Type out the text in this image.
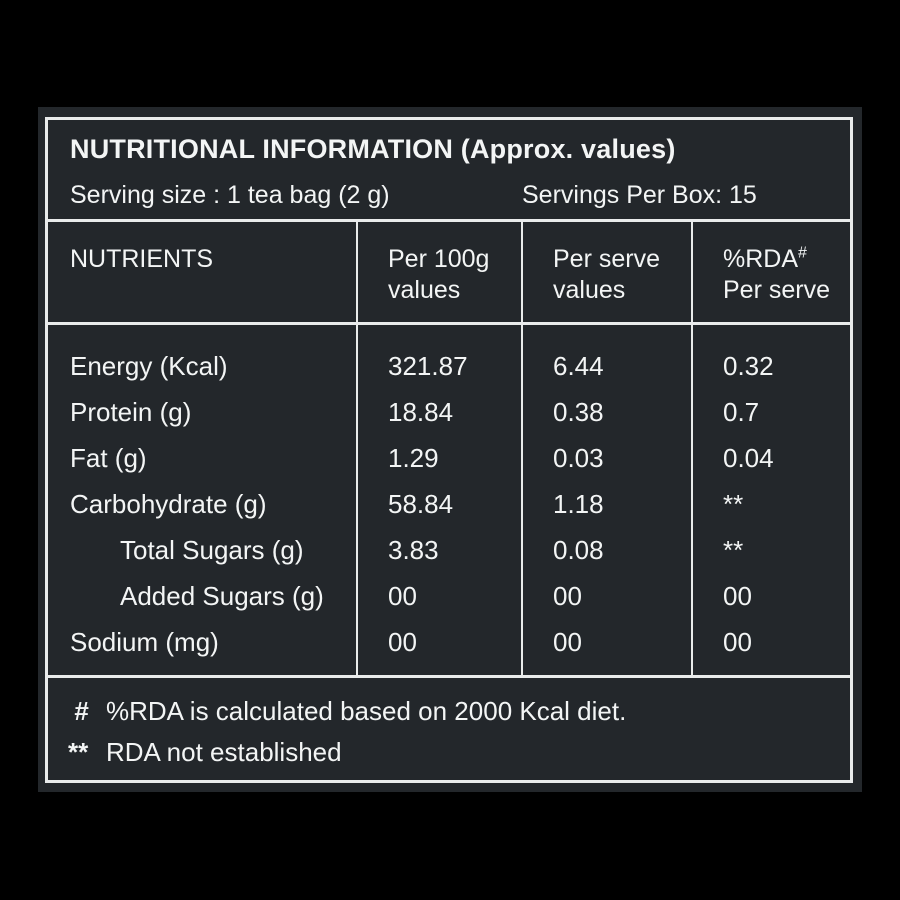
NUTRITIONAL INFORMATION (Approx. values)
Serving size : 1 tea bag (2 g)	Servings Per Box: 15
NUTRIENTS
Energy (Kcal)
Protein (g)
Fat (g)
Carbohydrate (g)
Total Sugars (g)
Added Sugars (g)
Sodium (mg)
Per 100g
values
321.87
18.84
1.29
58.84
3.83
00
00
Per serve
values
6.44
0.38
0.03
1.18
0.08
00
00
%RDA#
Per serve
0.32
0.7
0.04
**
**
00
00
# %RDA is calculated based on 2000 Kcal diet.
** RDA not established
